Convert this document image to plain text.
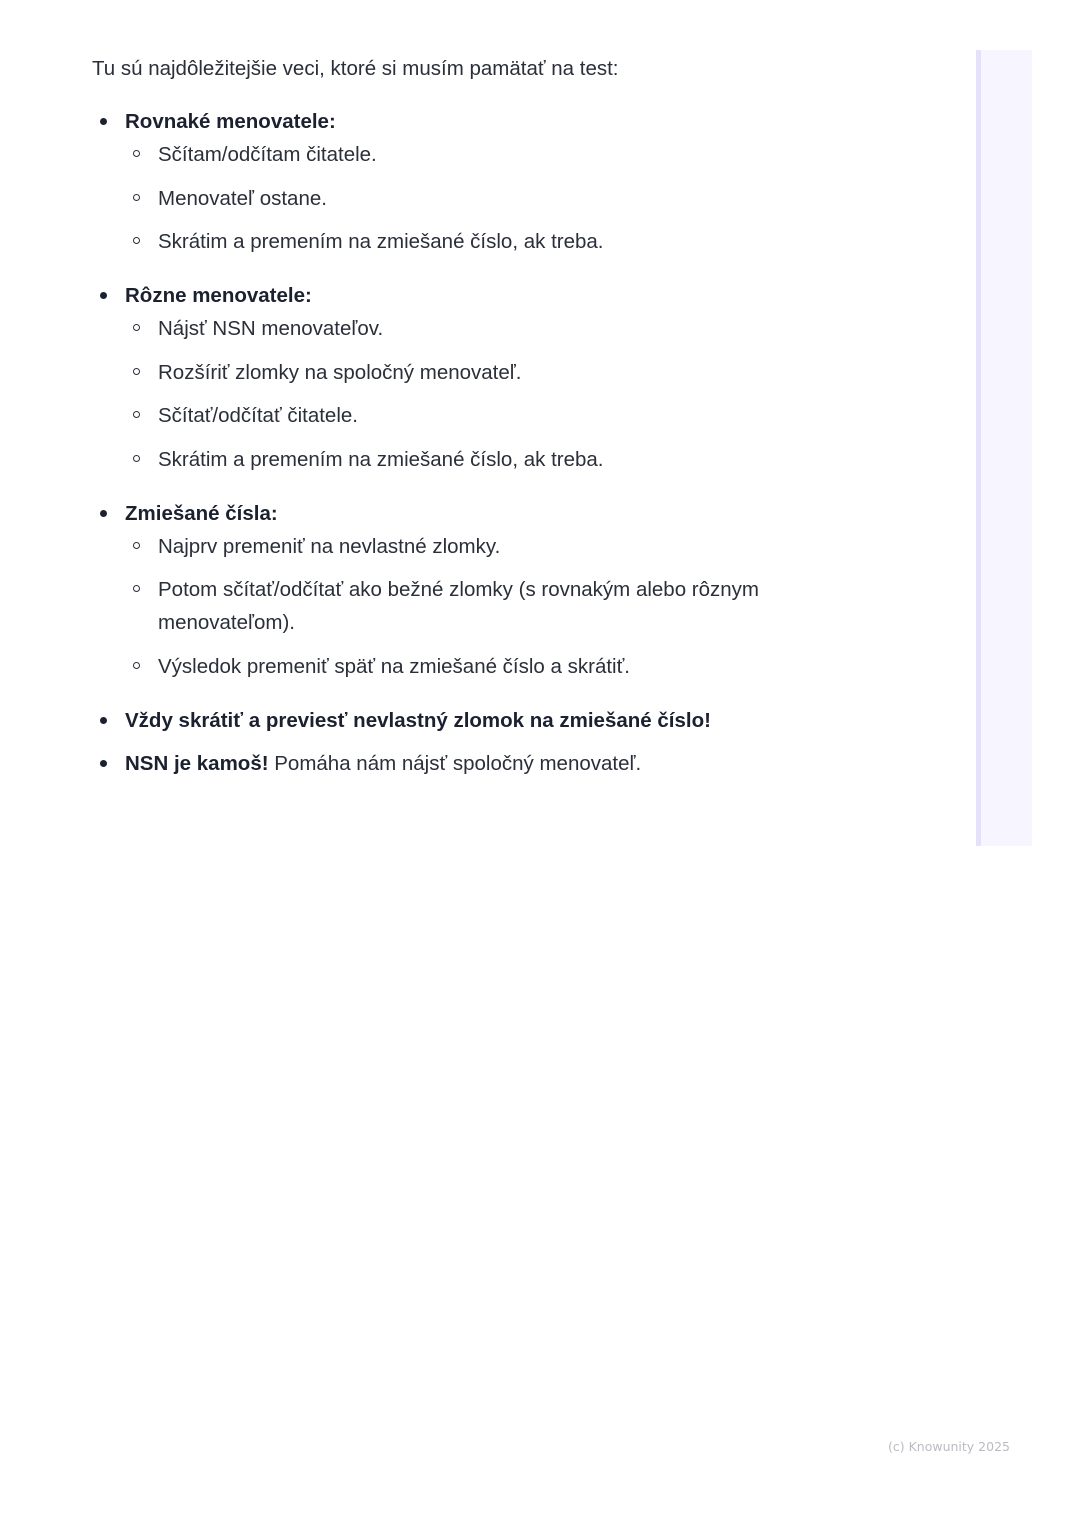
Tu sú najdôležitejšie veci, ktoré si musím pamätať na test:

Rovnaké menovatele:
Sčítam/odčítam čitatele.
Menovateľ ostane.
Skrátim a premením na zmiešané číslo, ak treba.
Rôzne menovatele:
Nájsť NSN menovateľov.
Rozšíriť zlomky na spoločný menovateľ.
Sčítať/odčítať čitatele.
Skrátim a premením na zmiešané číslo, ak treba.
Zmiešané čísla:
Najprv premeniť na nevlastné zlomky.
Potom sčítať/odčítať ako bežné zlomky (s rovnakým alebo rôznym menovateľom).
Výsledok premeniť späť na zmiešané číslo a skrátiť.
Vždy skrátiť a previesť nevlastný zlomok na zmiešané číslo!
NSN je kamoš! Pomáha nám nájsť spoločný menovateľ.
(c) Knowunity 2025
